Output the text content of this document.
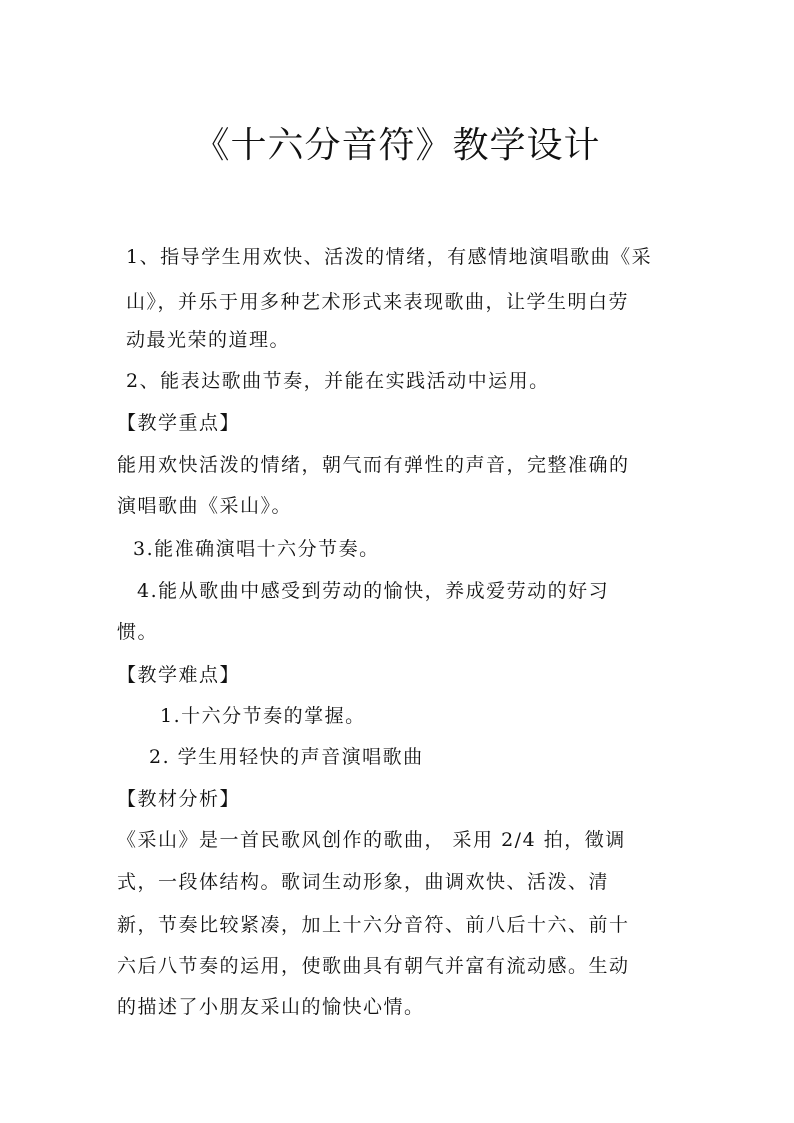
《十六分音符》教学设计
1、指导学生用欢快、活泼的情绪，有感情地演唱歌曲《采
山》，并乐于用多种艺术形式来表现歌曲，让学生明白劳
动最光荣的道理。
2、能表达歌曲节奏，并能在实践活动中运用。
【教学重点】
能用欢快活泼的情绪，朝气而有弹性的声音，完整准确的
演唱歌曲《采山》。
3.能准确演唱十六分节奏。
4.能从歌曲中感受到劳动的愉快，养成爱劳动的好习
惯。
【教学难点】
1.十六分节奏的掌握。
2. 学生用轻快的声音演唱歌曲
【教材分析】
《采山》是一首民歌风创作的歌曲， 采用 2/4 拍，徵调
式，一段体结构。歌词生动形象，曲调欢快、活泼、清
新，节奏比较紧凑，加上十六分音符、前八后十六、前十
六后八节奏的运用，使歌曲具有朝气并富有流动感。生动
的描述了小朋友采山的愉快心情。
